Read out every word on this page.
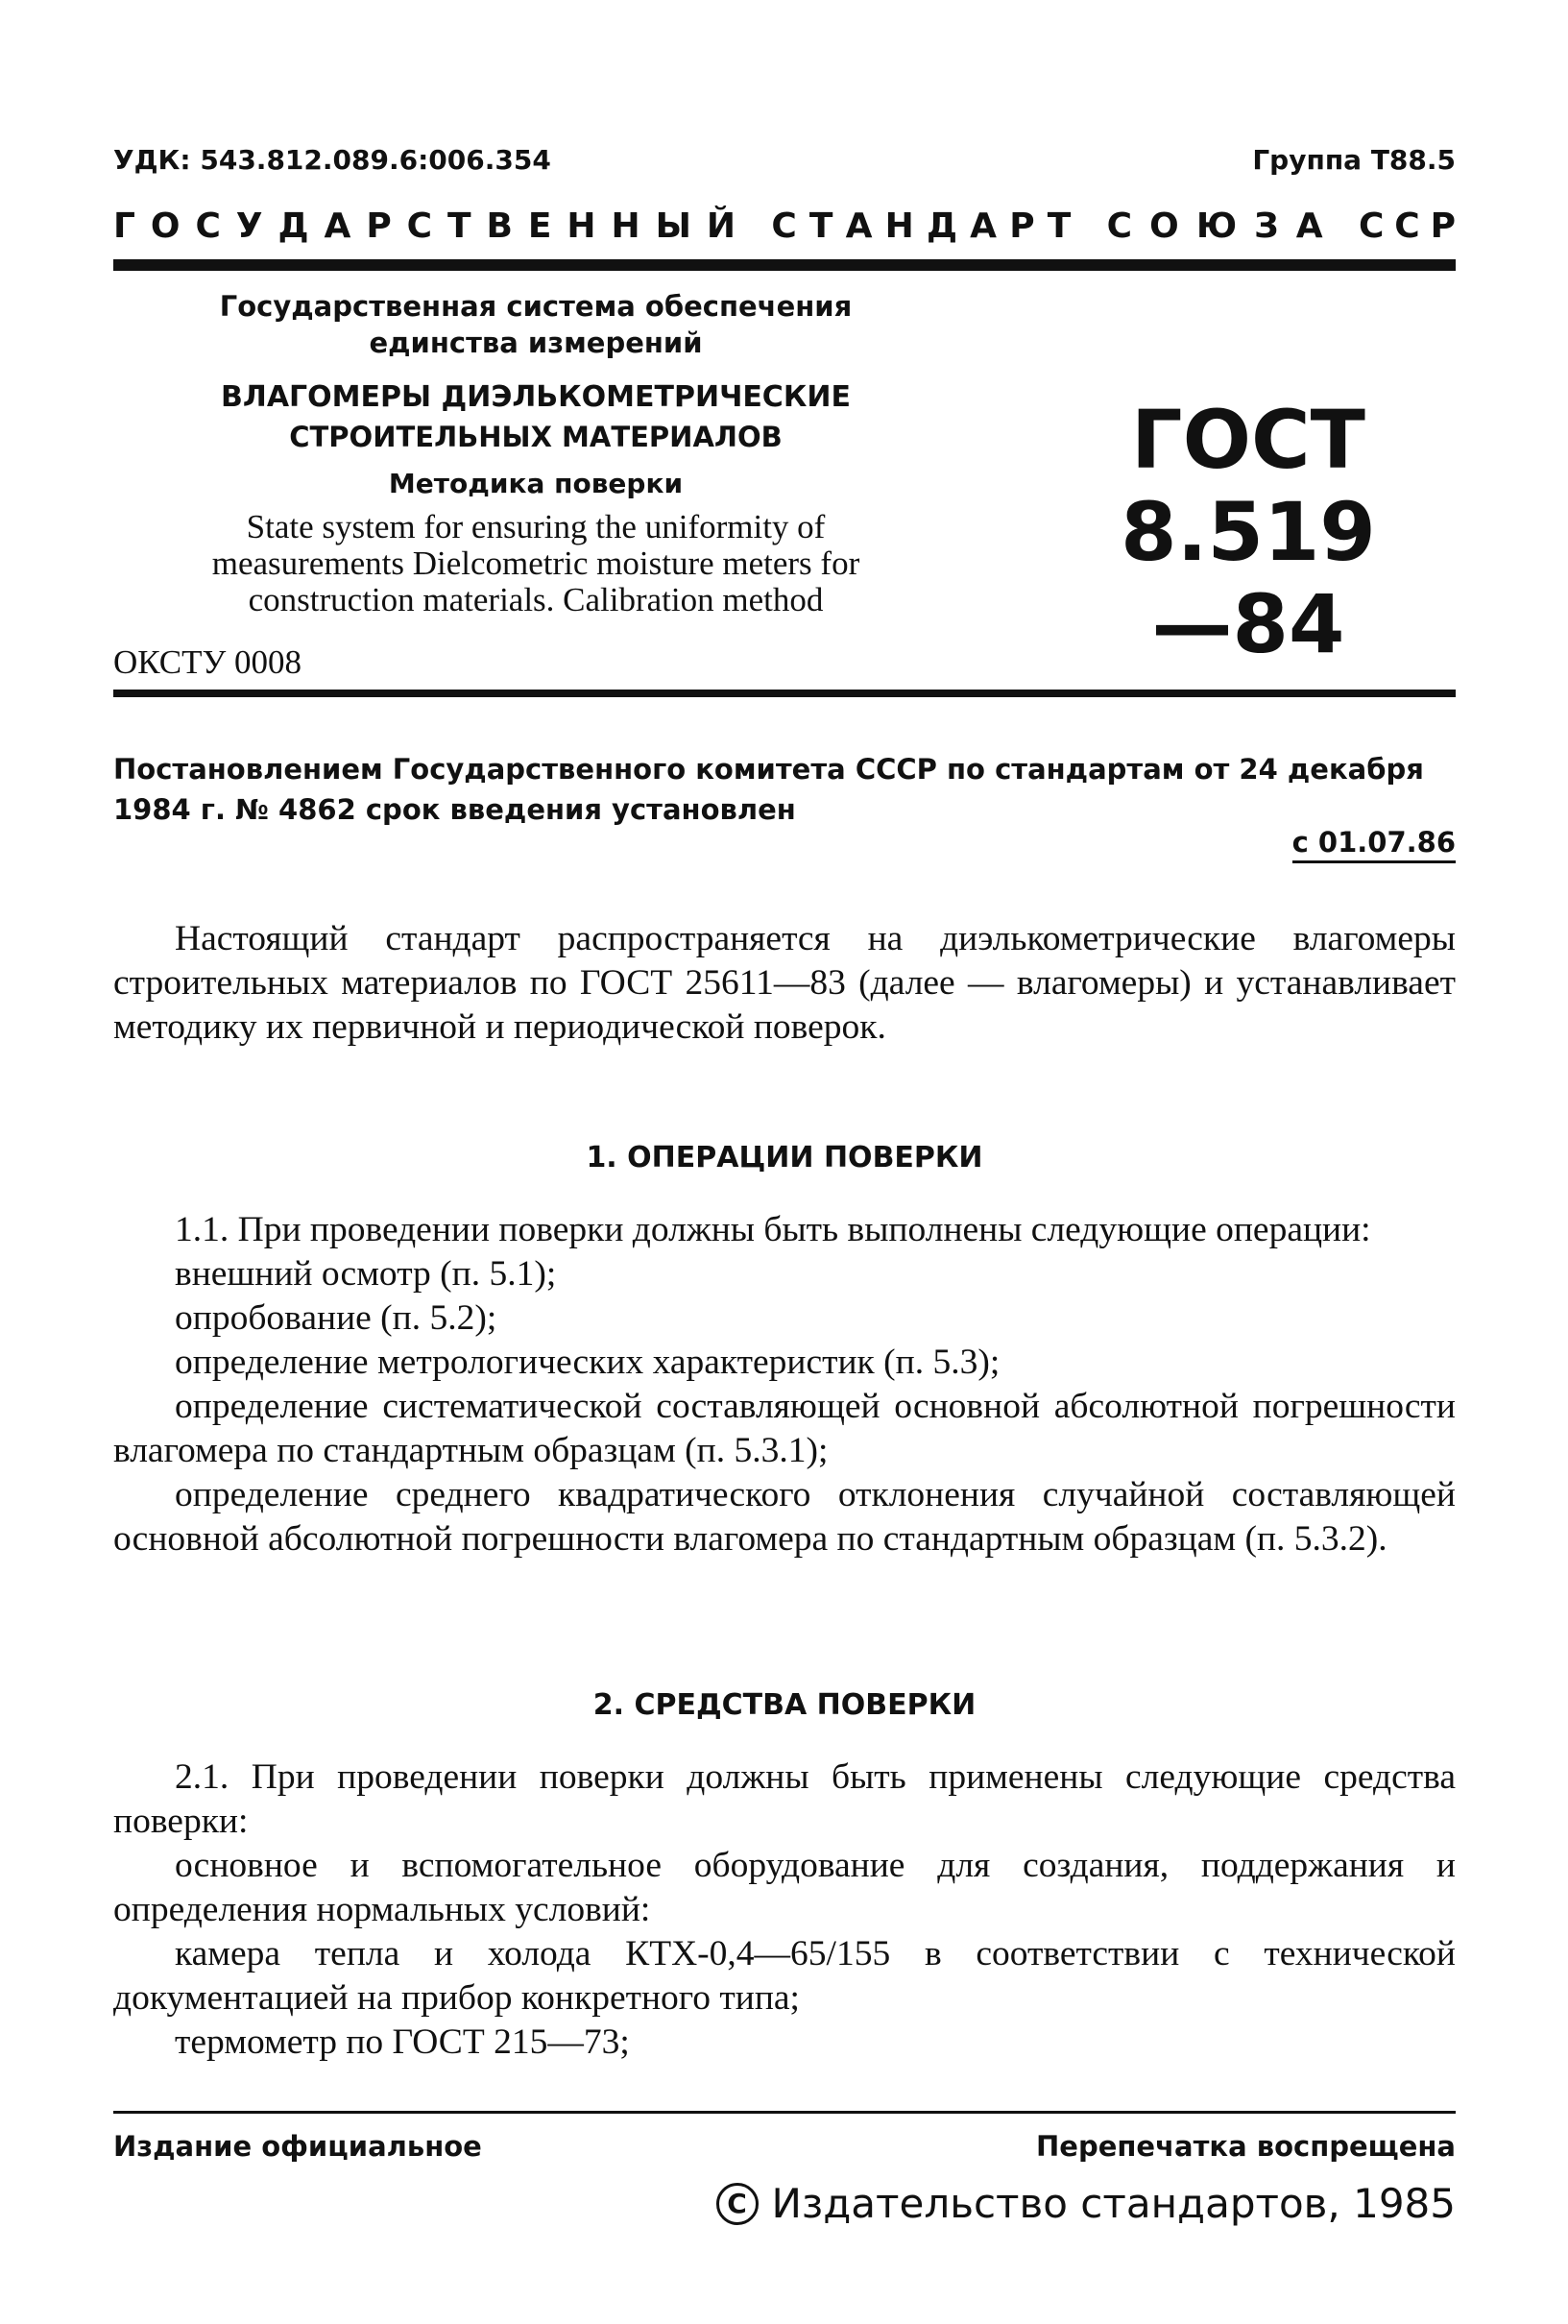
УДК: 543.812.089.6:006.354	Группа Т88.5
Г О С У Д А Р С Т В Е Н Н Ы Й С Т А Н Д А Р Т С О Ю З А С С Р
Государственная система обеспечения
единства измерений
ВЛАГОМЕРЫ ДИЭЛЬКОМЕТРИЧЕСКИЕ
СТРОИТЕЛЬНЫХ МАТЕРИАЛОВ
Методика поверки
State system for ensuring the uniformity of
measurements Dielcometric moisture meters for
construction materials. Calibration method
ОКСТУ 0008
ГОСТ
8.519—84
Постановлением Государственного комитета СССР по стандартам от 24 декабря 1984 г. № 4862 срок введения установлен
с 01.07.86

Настоящий стандарт распространяется на диэлькометрические влагомеры строительных материалов по ГОСТ 25611—83 (далее — влагомеры) и устанавливает методику их первичной и периодической поверок.

1. ОПЕРАЦИИ ПОВЕРКИ

1.1. При проведении поверки должны быть выполнены следующие операции:

внешний осмотр (п. 5.1);

опробование (п. 5.2);

определение метрологических характеристик (п. 5.3);

определение систематической составляющей основной абсолютной погрешности влагомера по стандартным образцам (п. 5.3.1);

определение среднего квадратического отклонения случайной составляющей основной абсолютной погрешности влагомера по стандартным образцам (п. 5.3.2).

2. СРЕДСТВА ПОВЕРКИ

2.1. При проведении поверки должны быть применены следующие средства поверки:

основное и вспомогательное оборудование для создания, поддержания и определения нормальных условий:

камера тепла и холода КТХ-0,4—65/155 в соответствии с технической документацией на прибор конкретного типа;

термометр по ГОСТ 215—73;

Издание официальное	Перепечатка воспрещена
C Издательство стандартов, 1985
